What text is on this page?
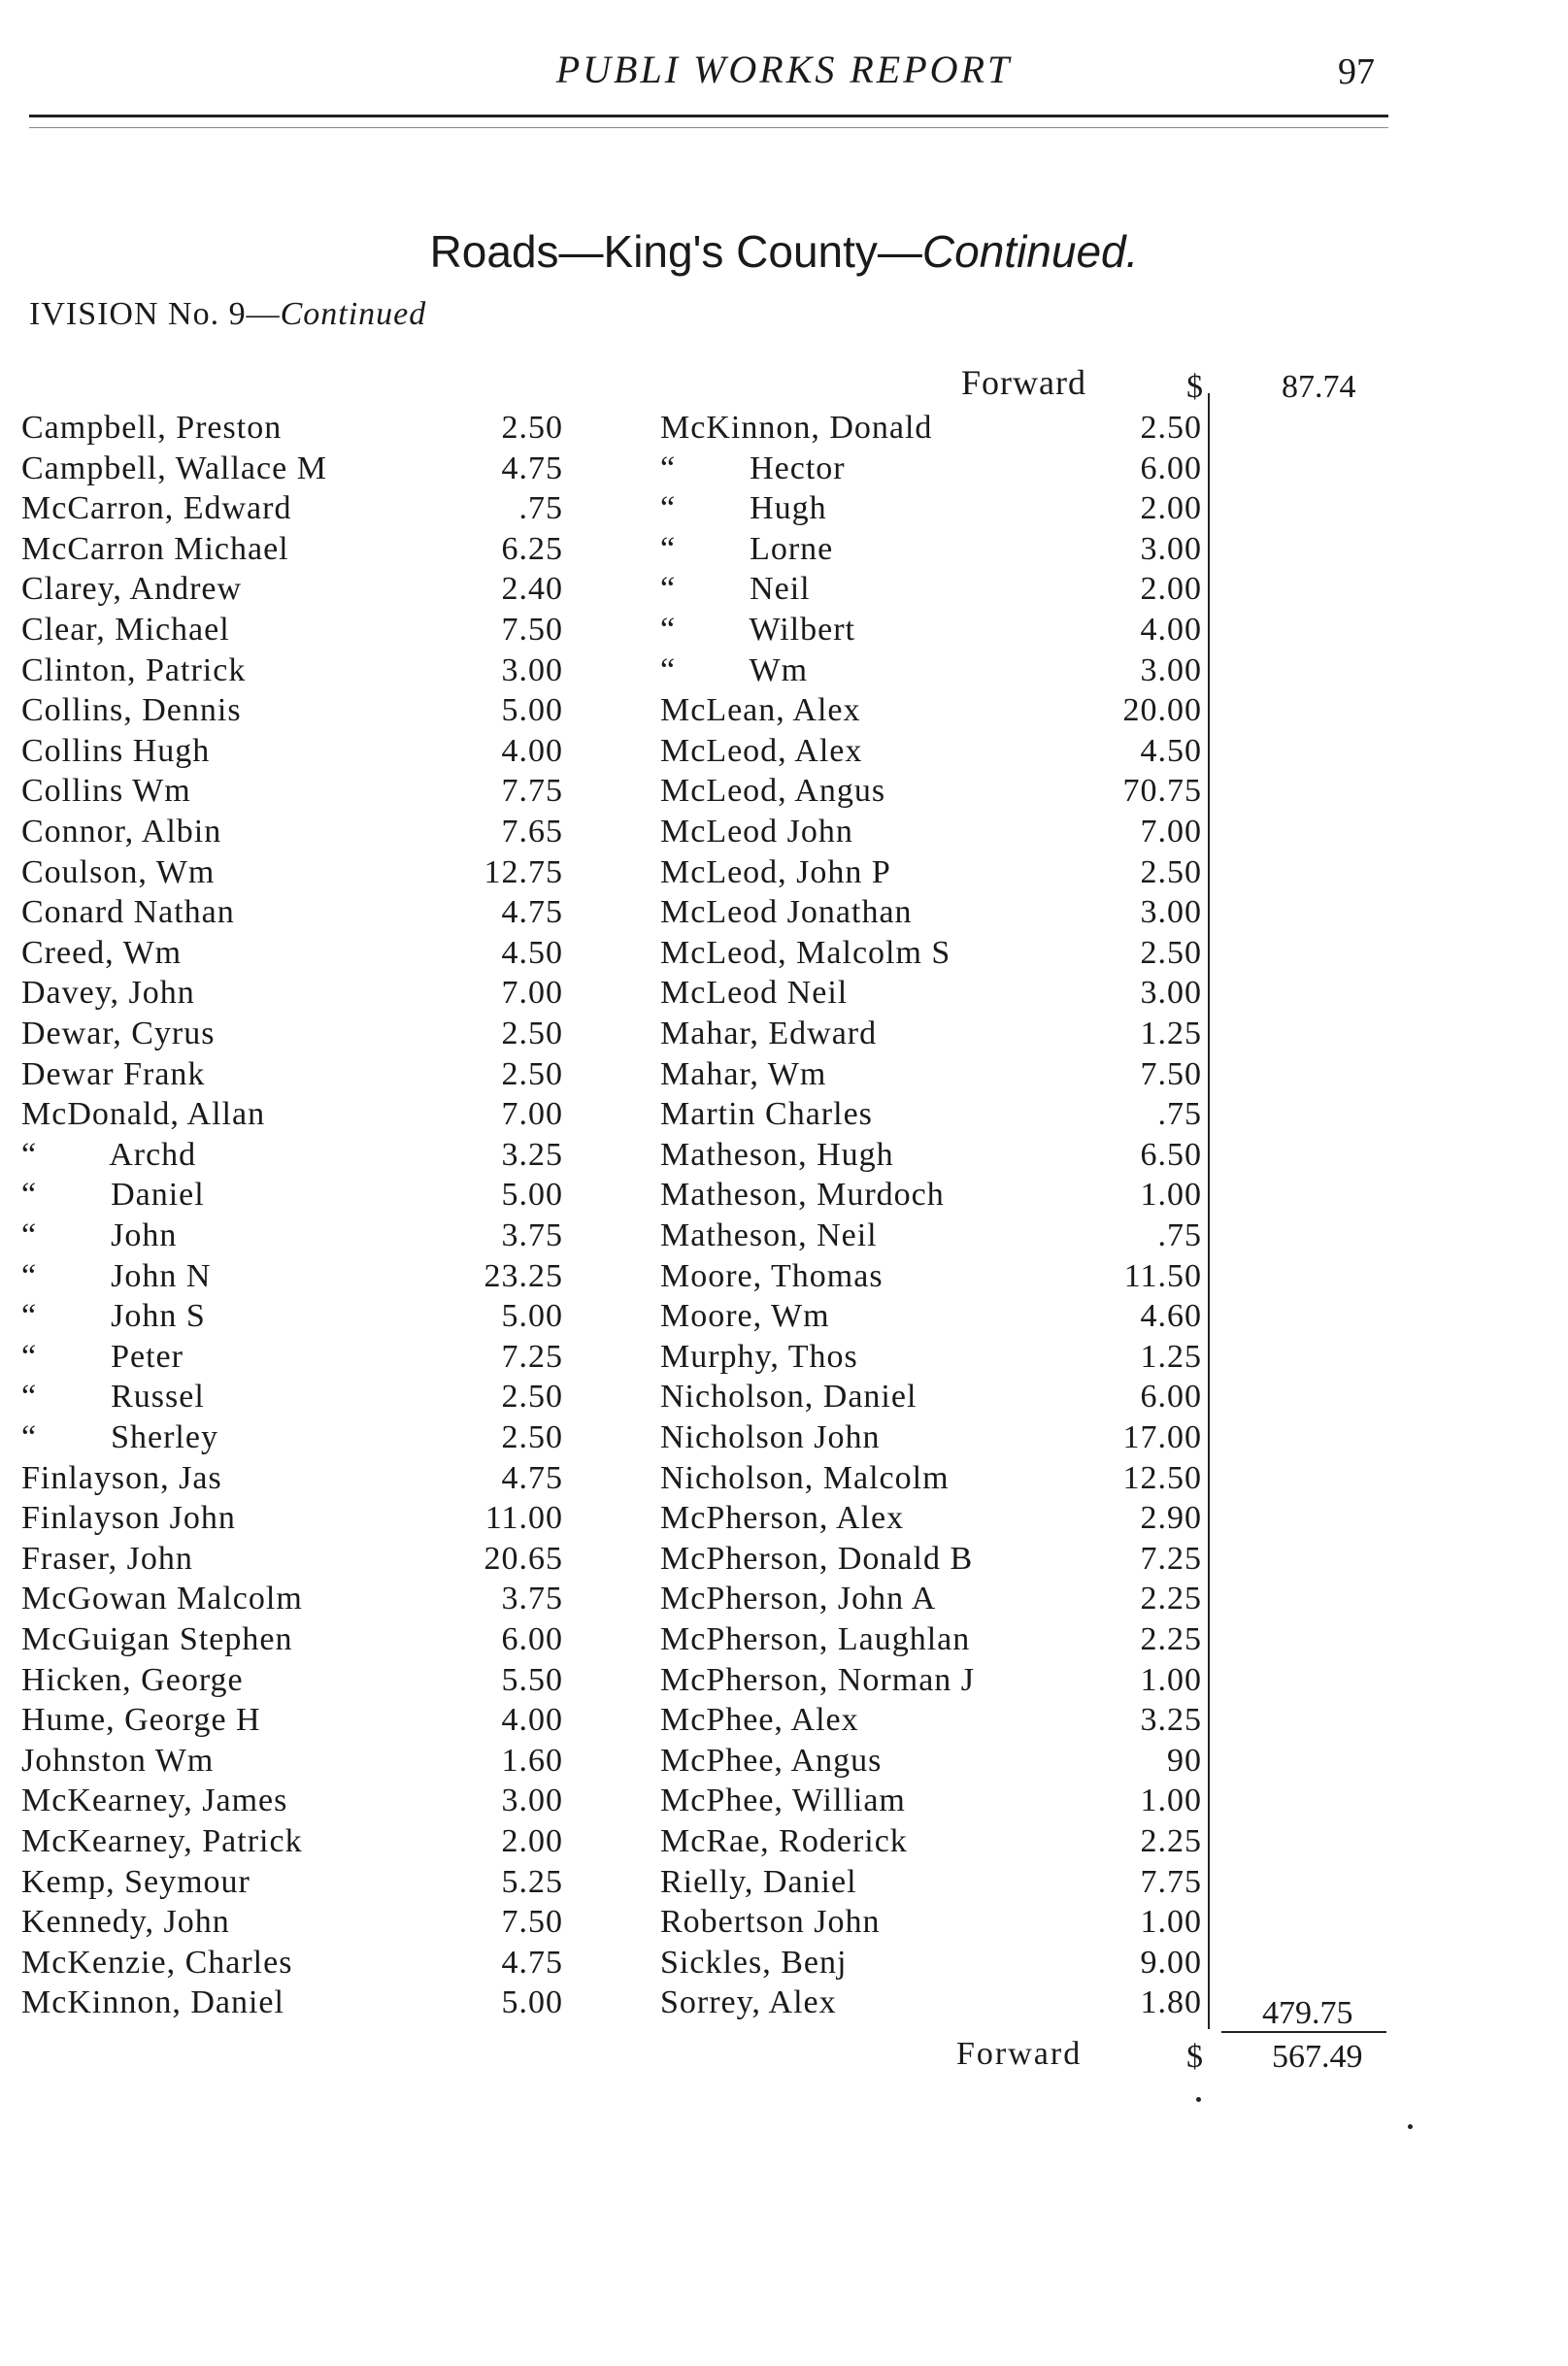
PUBLI WORKS REPORT	97
Roads—King's County—Continued.
IVISION No. 9—Continued
Forward	$ 87.74
Campbell, Preston	2.50
Campbell, Wallace M	4.75
McCarron, Edward	.75
McCarron Michael	6.25
Clarey, Andrew	2.40
Clear, Michael	7.50
Clinton, Patrick	3.00
Collins, Dennis	5.00
Collins Hugh	4.00
Collins Wm	7.75
Connor, Albin	7.65
Coulson, Wm	12.75
Conard Nathan	4.75
Creed, Wm	4.50
Davey, John	7.00
Dewar, Cyrus	2.50
Dewar Frank	2.50
McDonald, Allan	7.00
“        Archd	3.25
“        Daniel	5.00
“        John	3.75
“        John N	23.25
“        John S	5.00
“        Peter	7.25
“        Russel	2.50
“        Sherley	2.50
Finlayson, Jas	4.75
Finlayson John	11.00
Fraser, John	20.65
McGowan Malcolm	3.75
McGuigan Stephen	6.00
Hicken, George	5.50
Hume, George H	4.00
Johnston Wm	1.60
McKearney, James	3.00
McKearney, Patrick	2.00
Kemp, Seymour	5.25
Kennedy, John	7.50
McKenzie, Charles	4.75
McKinnon, Daniel	5.00
McKinnon, Donald	2.50
“        Hector	6.00
“        Hugh	2.00
“        Lorne	3.00
“        Neil	2.00
“        Wilbert	4.00
“        Wm	3.00
McLean, Alex	20.00
McLeod, Alex	4.50
McLeod, Angus	70.75
McLeod John	7.00
McLeod, John P	2.50
McLeod Jonathan	3.00
McLeod, Malcolm S	2.50
McLeod Neil	3.00
Mahar, Edward	1.25
Mahar, Wm	7.50
Martin Charles	.75
Matheson, Hugh	6.50
Matheson, Murdoch	1.00
Matheson, Neil	.75
Moore, Thomas	11.50
Moore, Wm	4.60
Murphy, Thos	1.25
Nicholson, Daniel	6.00
Nicholson John	17.00
Nicholson, Malcolm	12.50
McPherson, Alex	2.90
McPherson, Donald B	7.25
McPherson, John A	2.25
McPherson, Laughlan	2.25
McPherson, Norman J	1.00
McPhee, Alex	3.25
McPhee, Angus	90
McPhee, William	1.00
McRae, Roderick	2.25
Rielly, Daniel	7.75
Robertson John	1.00
Sickles, Benj	9.00
Sorrey, Alex	1.80 479.75
Forward	$ 567.49
